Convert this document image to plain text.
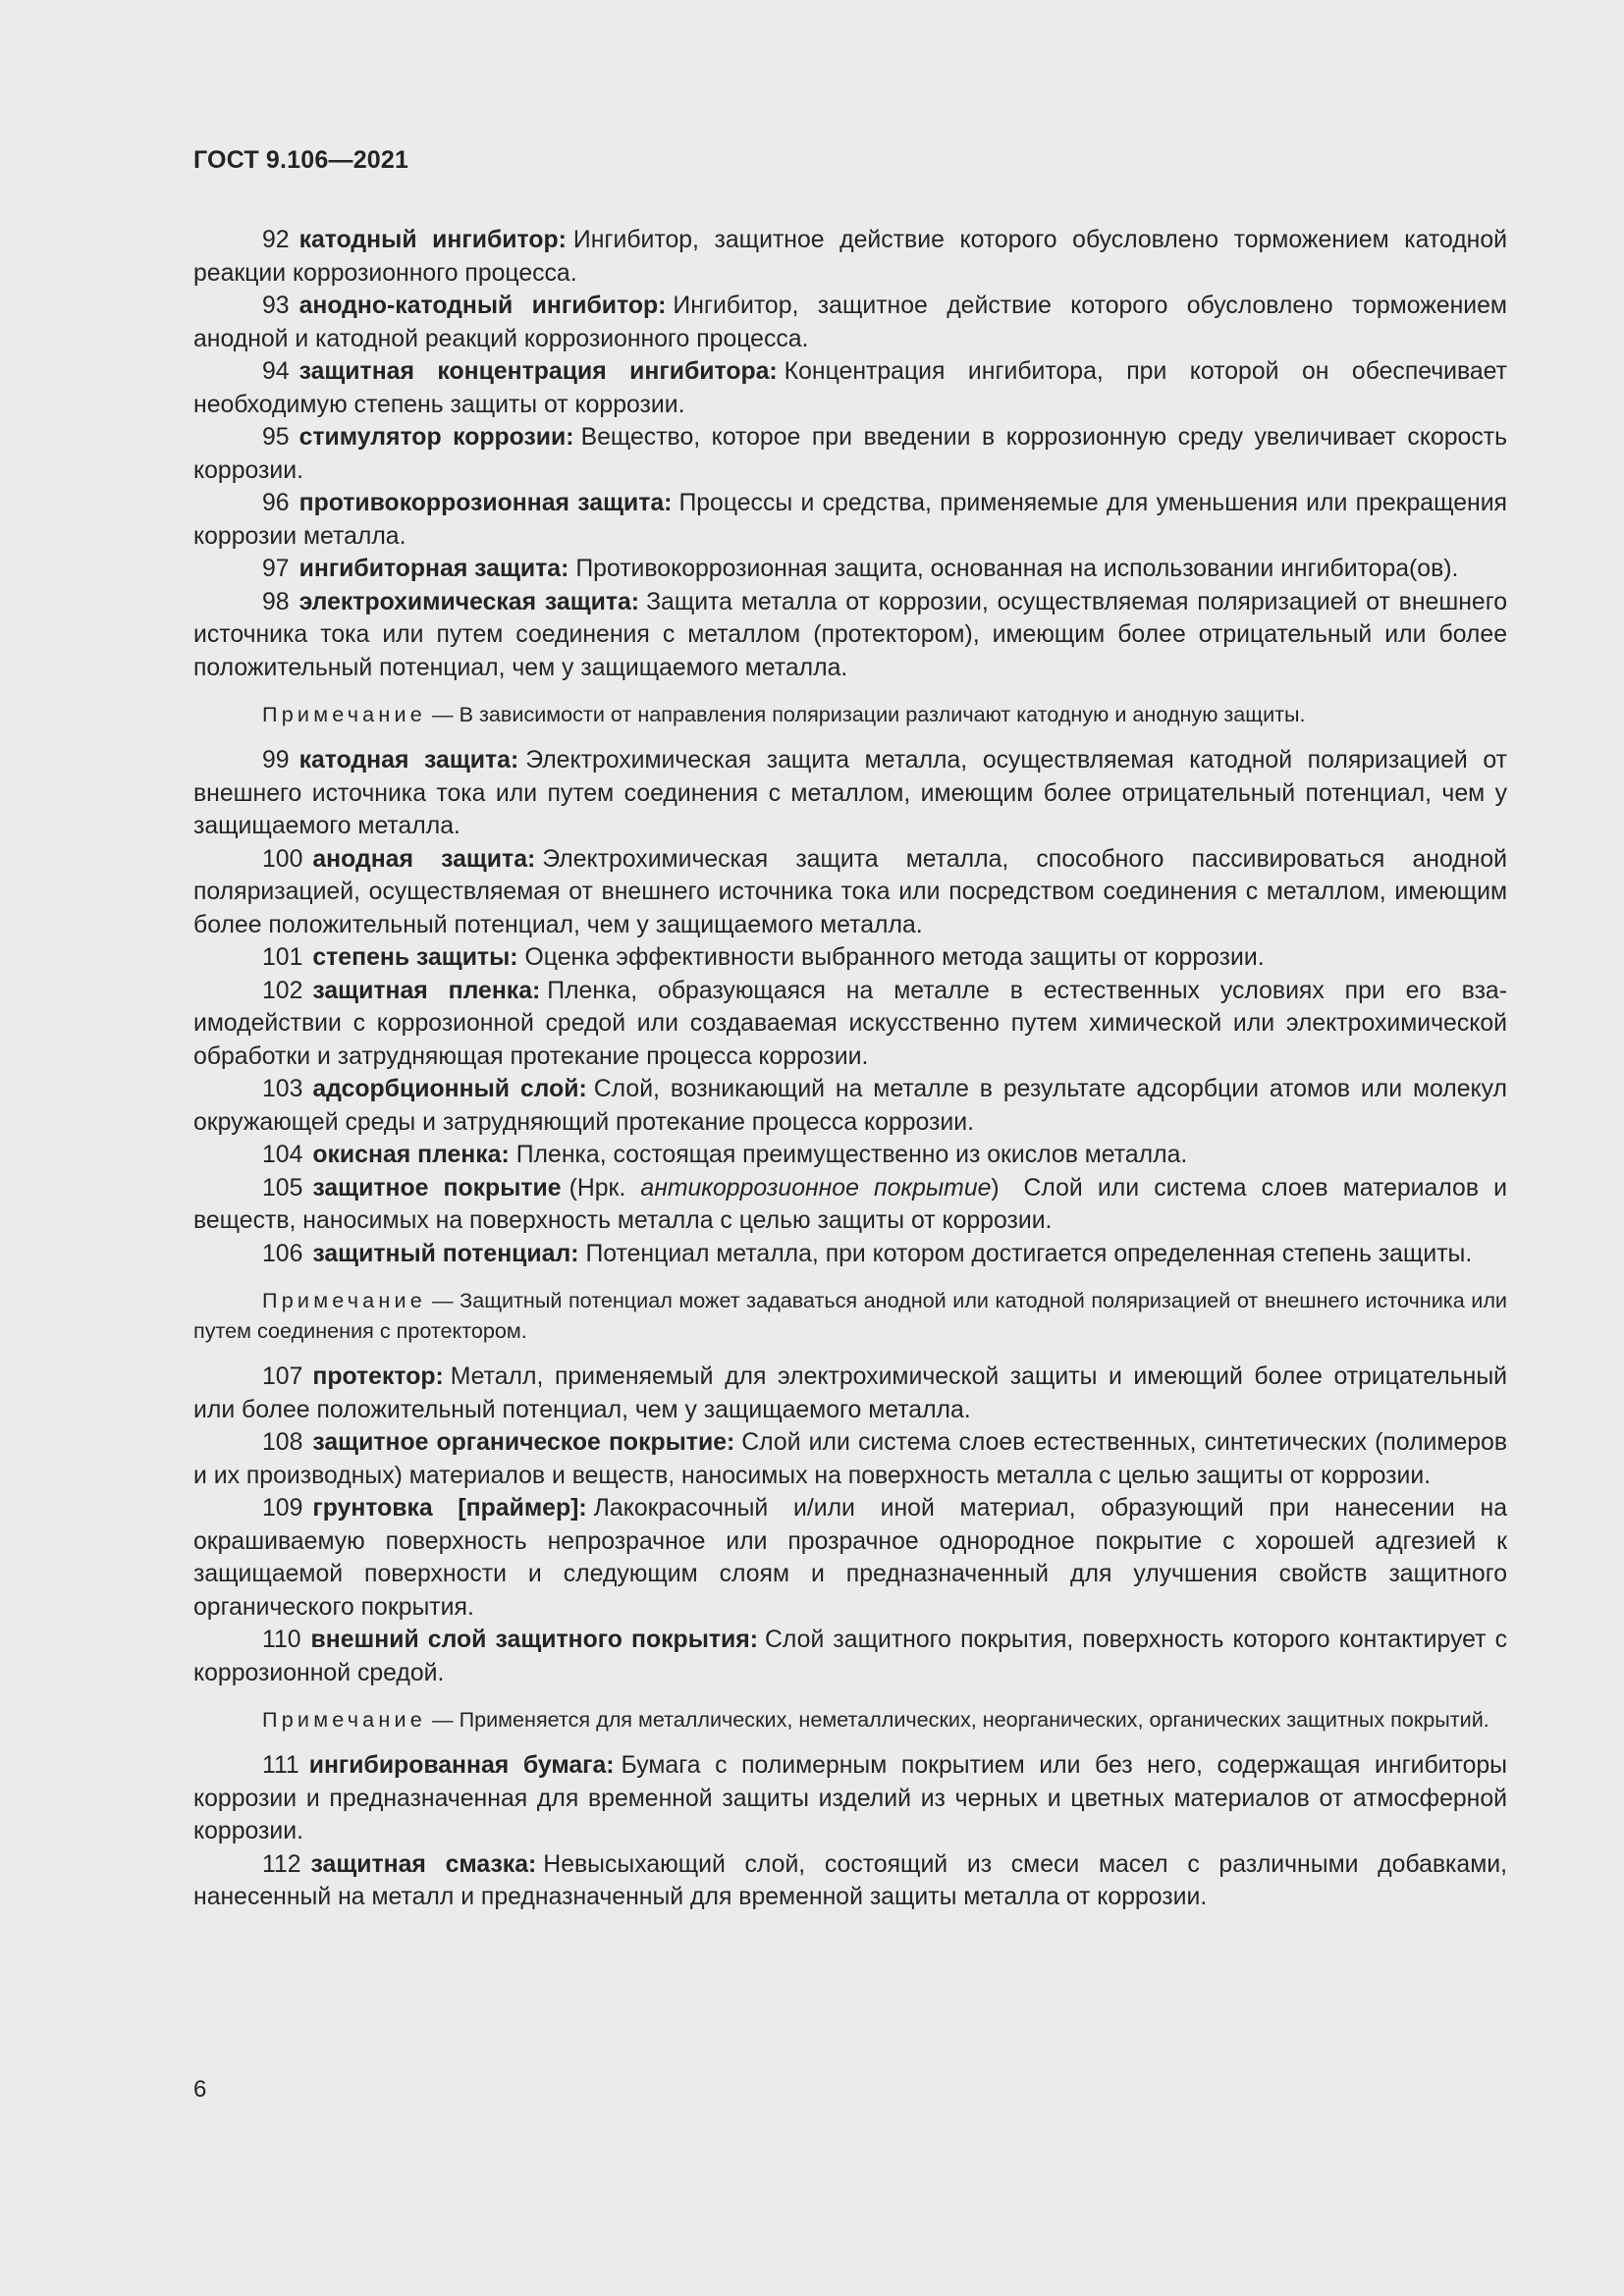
ГОСТ 9.106—2021

92 катодный ингибитор: Ингибитор, защитное действие которого обусловлено торможением катодной реакции коррозионного процесса.

93 анодно-катодный ингибитор: Ингибитор, защитное действие которого обусловлено торможением анодной и катодной реакций коррозионного процесса.

94 защитная концентрация ингибитора: Концентрация ингибитора, при которой он обеспечивает необходимую степень защиты от коррозии.

95 стимулятор коррозии: Вещество, которое при введении в коррозионную среду увеличивает скорость коррозии.

96 противокоррозионная защита: Процессы и средства, применяемые для уменьшения или прекращения коррозии металла.

97 ингибиторная защита: Противокоррозионная защита, основанная на использовании ингибитора(ов).

98 электрохимическая защита: Защита металла от коррозии, осуществляемая поляризацией от внешнего источника тока или путем соединения с металлом (протектором), имеющим более отрицательный или более положительный потенциал, чем у защищаемого металла.

Примечание — В зависимости от направления поляризации различают катодную и анодную защиты.

99 катодная защита: Электрохимическая защита металла, осуществляемая катодной поляризацией от внешнего источника тока или путем соединения с металлом, имеющим более отрицательный потенциал, чем у защищаемого металла.

100 анодная защита: Электрохимическая защита металла, способного пассивироваться анодной поляризацией, осуществляемая от внешнего источника тока или посредством соединения с металлом, имеющим более положительный потенциал, чем у защищаемого металла.

101 степень защиты: Оценка эффективности выбранного метода защиты от коррозии.

102 защитная пленка: Пленка, образующаяся на металле в естественных условиях при его взаимодействии с коррозионной средой или создаваемая искусственно путем химической или электрохимической обработки и затрудняющая протекание процесса коррозии.

103 адсорбционный слой: Слой, возникающий на металле в результате адсорбции атомов или молекул окружающей среды и затрудняющий протекание процесса коррозии.

104 окисная пленка: Пленка, состоящая преимущественно из окислов металла.

105 защитное покрытие (Нрк. антикоррозионное покрытие) Слой или система слоев материалов и веществ, наносимых на поверхность металла с целью защиты от коррозии.

106 защитный потенциал: Потенциал металла, при котором достигается определенная степень защиты.

Примечание — Защитный потенциал может задаваться анодной или катодной поляризацией от внешнего источника или путем соединения с протектором.

107 протектор: Металл, применяемый для электрохимической защиты и имеющий более отрицательный или более положительный потенциал, чем у защищаемого металла.

108 защитное органическое покрытие: Слой или система слоев естественных, синтетических (полимеров и их производных) материалов и веществ, наносимых на поверхность металла с целью защиты от коррозии.

109 грунтовка [праймер]: Лакокрасочный и/или иной материал, образующий при нанесении на окрашиваемую поверхность непрозрачное или прозрачное однородное покрытие с хорошей адгезией к защищаемой поверхности и следующим слоям и предназначенный для улучшения свойств защитного органического покрытия.

110 внешний слой защитного покрытия: Слой защитного покрытия, поверхность которого контактирует с коррозионной средой.

Примечание — Применяется для металлических, неметаллических, неорганических, органических защитных покрытий.

111 ингибированная бумага: Бумага с полимерным покрытием или без него, содержащая ингибиторы коррозии и предназначенная для временной защиты изделий из черных и цветных материалов от атмосферной коррозии.

112 защитная смазка: Невысыхающий слой, состоящий из смеси масел с различными добавками, нанесенный на металл и предназначенный для временной защиты металла от коррозии.

6
